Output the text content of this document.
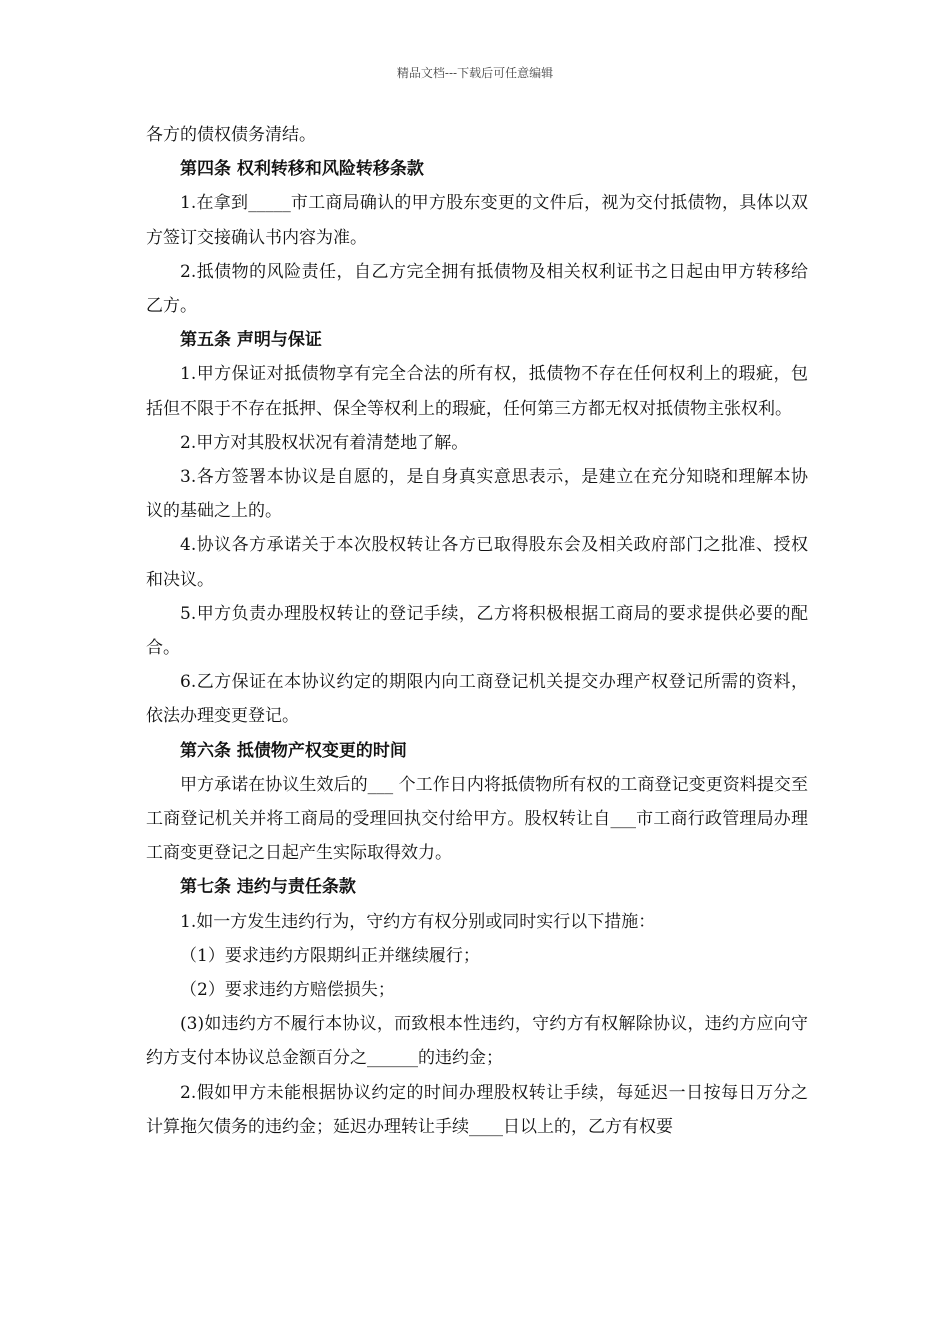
精品文档---下载后可任意编辑

各方的债权债务清结。

第四条 权利转移和风险转移条款

1.在拿到_____市工商局确认的甲方股东变更的文件后，视为交付抵债物，具体以双方签订交接确认书内容为准。

2.抵债物的风险责任，自乙方完全拥有抵债物及相关权利证书之日起由甲方转移给乙方。

第五条 声明与保证

1.甲方保证对抵债物享有完全合法的所有权，抵债物不存在任何权利上的瑕疵，包括但不限于不存在抵押、保全等权利上的瑕疵，任何第三方都无权对抵债物主张权利。

2.甲方对其股权状况有着清楚地了解。

3.各方签署本协议是自愿的，是自身真实意思表示，是建立在充分知晓和理解本协议的基础之上的。

4.协议各方承诺关于本次股权转让各方已取得股东会及相关政府部门之批准、授权和决议。

5.甲方负责办理股权转让的登记手续，乙方将积极根据工商局的要求提供必要的配合。

6.乙方保证在本协议约定的期限内向工商登记机关提交办理产权登记所需的资料，依法办理变更登记。

第六条 抵债物产权变更的时间

甲方承诺在协议生效后的___ 个工作日内将抵债物所有权的工商登记变更资料提交至工商登记机关并将工商局的受理回执交付给甲方。股权转让自___市工商行政管理局办理工商变更登记之日起产生实际取得效力。

第七条 违约与责任条款

1.如一方发生违约行为，守约方有权分别或同时实行以下措施：

（1）要求违约方限期纠正并继续履行；

（2）要求违约方赔偿损失；

(3)如违约方不履行本协议，而致根本性违约，守约方有权解除协议，违约方应向守约方支付本协议总金额百分之______的违约金；

2.假如甲方未能根据协议约定的时间办理股权转让手续，每延迟一日按每日万分之　计算拖欠债务的违约金；延迟办理转让手续____日以上的，乙方有权要
